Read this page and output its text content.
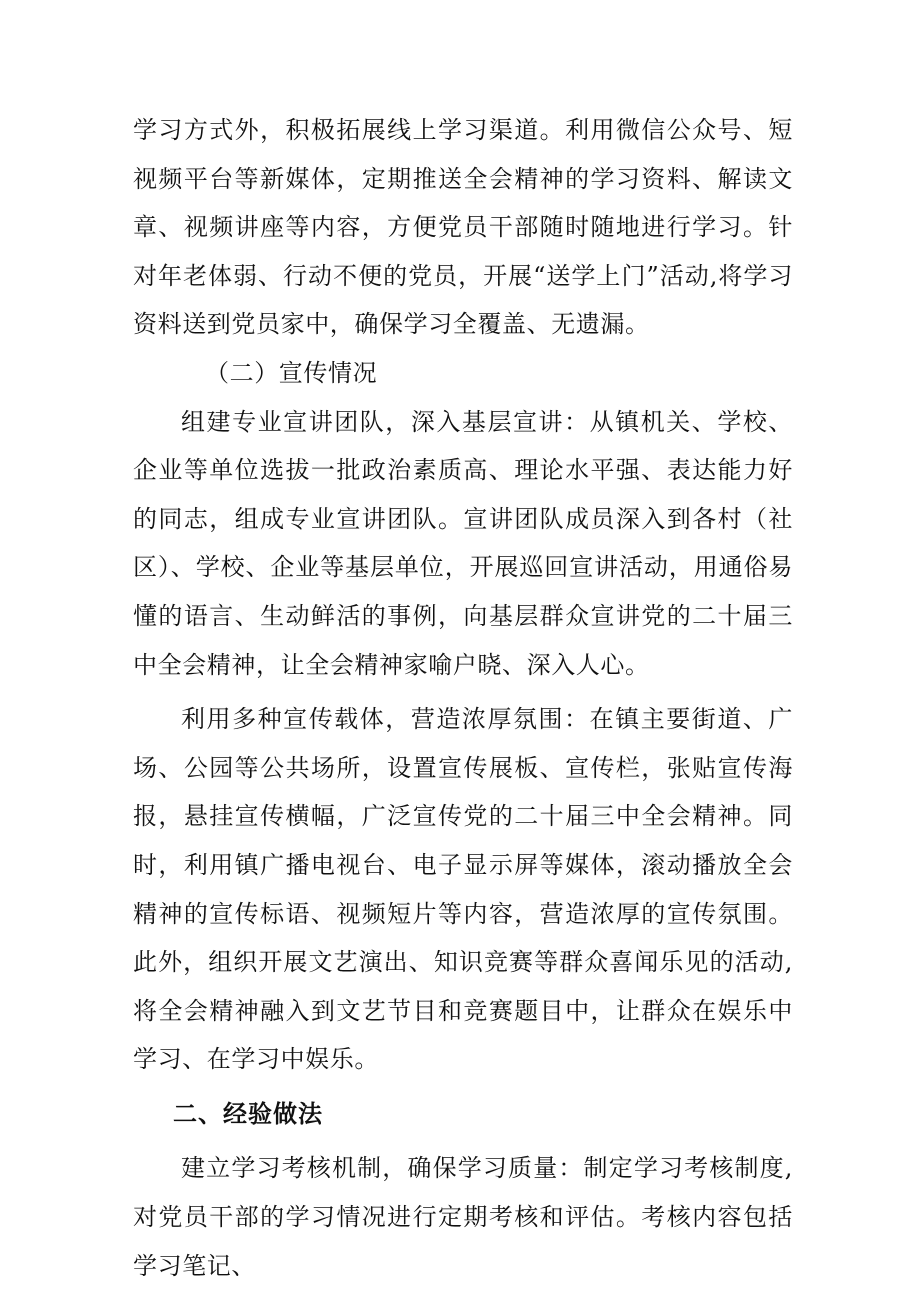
学习方式外，积极拓展线上学习渠道。利用微信公众号、短视频平台等新媒体，定期推送全会精神的学习资料、解读文章、视频讲座等内容，方便党员干部随时随地进行学习。针对年老体弱、行动不便的党员，开展“送学上门”活动,将学习资料送到党员家中，确保学习全覆盖、无遗漏。

（二）宣传情况

组建专业宣讲团队，深入基层宣讲：从镇机关、学校、企业等单位选拔一批政治素质高、理论水平强、表达能力好的同志，组成专业宣讲团队。宣讲团队成员深入到各村（社区）、学校、企业等基层单位，开展巡回宣讲活动，用通俗易懂的语言、生动鲜活的事例，向基层群众宣讲党的二十届三中全会精神，让全会精神家喻户晓、深入人心。

利用多种宣传载体，营造浓厚氛围：在镇主要街道、广场、公园等公共场所，设置宣传展板、宣传栏，张贴宣传海报，悬挂宣传横幅，广泛宣传党的二十届三中全会精神。同时，利用镇广播电视台、电子显示屏等媒体，滚动播放全会精神的宣传标语、视频短片等内容，营造浓厚的宣传氛围。此外，组织开展文艺演出、知识竞赛等群众喜闻乐见的活动,将全会精神融入到文艺节目和竞赛题目中，让群众在娱乐中学习、在学习中娱乐。

二、经验做法

建立学习考核机制，确保学习质量：制定学习考核制度,对党员干部的学习情况进行定期考核和评估。考核内容包括学习笔记、
